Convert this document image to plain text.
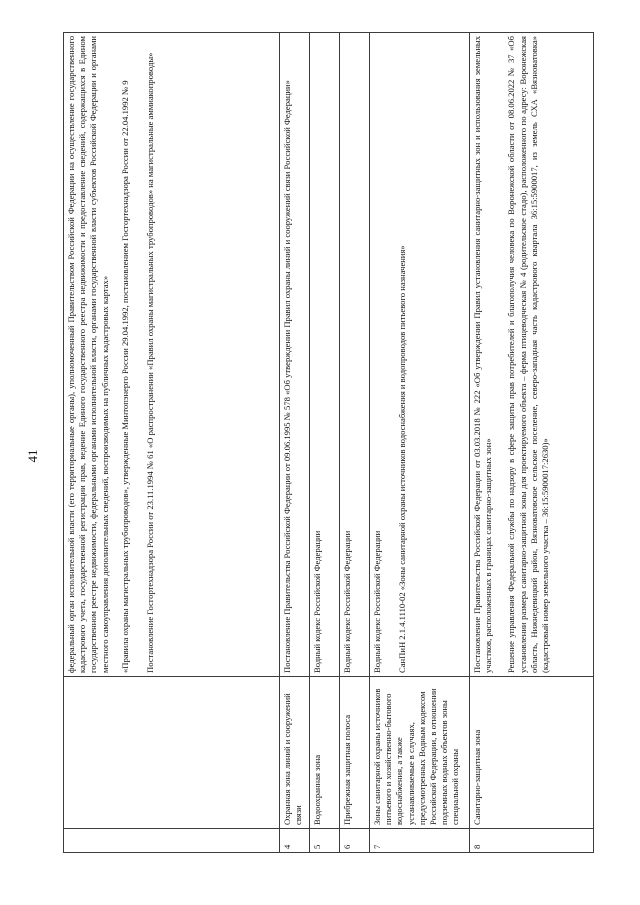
41

		федеральный орган исполнительной власти (его территориальные органы), уполномоченный Правительством Российской Федерации на осуществление государственного кадастрового учета, государственной регистрации прав, ведение Единого государственного реестра недвижимости и предоставление сведений, содержащихся в Едином государственном реестре недвижимости, федеральными органами исполнительной власти, органами государственной власти субъектов Российской Федерации и органами местного самоуправления дополнительных сведений, воспроизводимых на публичных кадастровых картах» «Правила охраны магистральных трубопроводов», утвержденные Минтопэнерго России 29.04.1992, постановлением Госгортехнадзора России от 22.04.1992 № 9 Постановление Госгортехнадзора России от 23.11.1994 № 61 «О распространении «Правил охраны магистральных трубопроводов» на магистральные аммиакопроводы»

4	Охранная зона линий и сооружений связи	Постановление Правительства Российской Федерации от 09.06.1995 № 578 «Об утверждении Правил охраны линий и сооружений связи Российской Федерации»

5	Водоохранная зона	Водный кодекс Российской Федерации

6	Прибрежная защитная полоса	Водный кодекс Российской Федерации

7	Зоны санитарной охраны источников питьевого и хозяйственно-бытового водоснабжения, а также устанавливаемые в случаях, предусмотренных Водным кодексом Российской Федерации, в отношении подземных водных объектов зоны специальной охраны	Водный кодекс Российской Федерации СанПиН 2.1.4.1110-02 «Зоны санитарной охраны источников водоснабжения и водопроводов питьевого назначения»

8	Санитарно-защитная зона	Постановление Правительства Российской Федерации от 03.03.2018 № 222 «Об утверждении Правил установления санитарно-защитных зон и использования земельных участков, расположенных в границах санитарно-защитных зон» Решение управления Федеральной службы по надзору в сфере защиты прав потребителей и благополучия человека по Воронежской области от 08.06.2022 № 37 «Об установлении размера санитарно-защитной зоны для проектируемого объекта – ферма птицеводческая № 4 (родительское стадо), расположенного по адресу: Воронежская область, Нижнедевицкий район, Вязноватовское сельское поселение, северо-западная часть кадастрового квартала 36:15:5900017, из земель СХА «Вязноватовка» (кадастровый номер земельного участка – 36:15:5900017:2630)»
